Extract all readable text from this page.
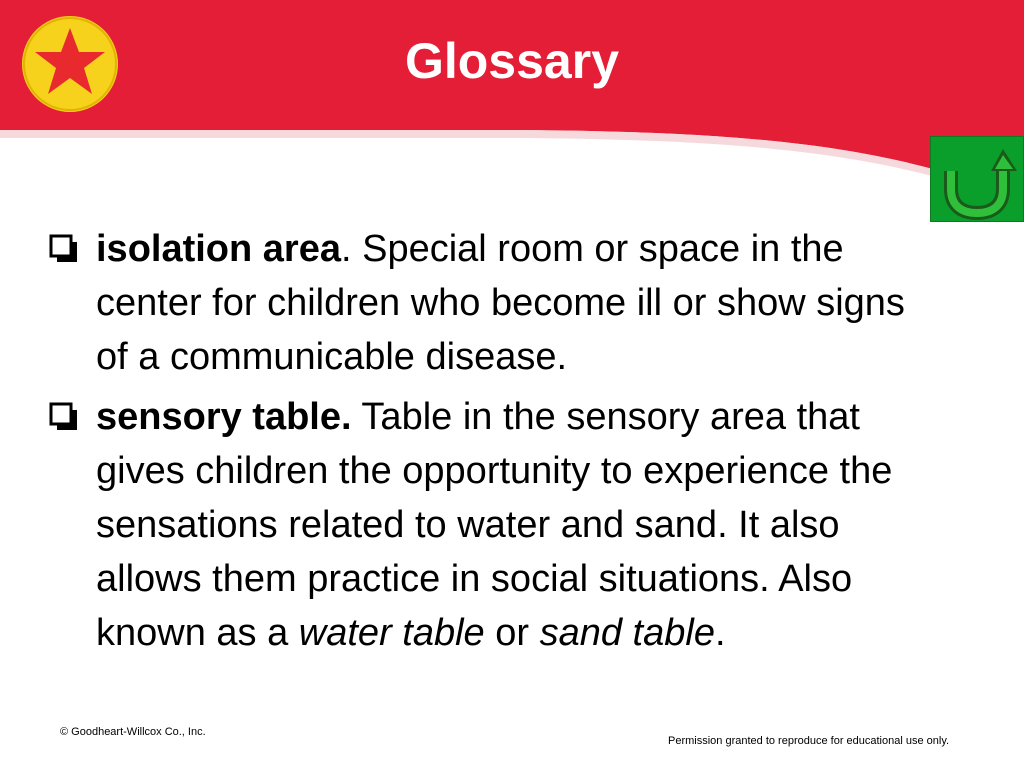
Glossary
isolation area. Special room or space in the center for children who become ill or show signs of a communicable disease.
sensory table. Table in the sensory area that gives children the opportunity to experience the sensations related to water and sand. It also allows them practice in social situations. Also known as a water table or sand table.
© Goodheart-Willcox Co., Inc.
Permission granted to reproduce for educational use only.
